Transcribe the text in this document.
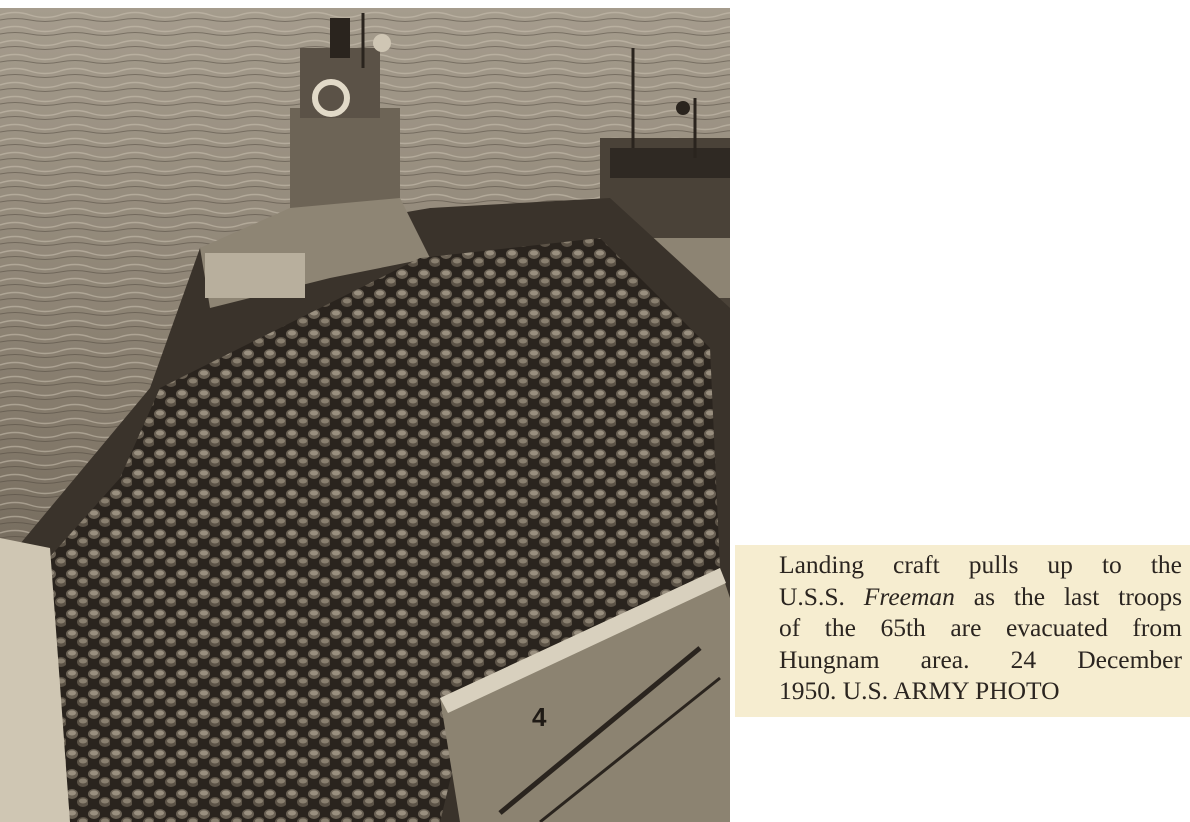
4
Landing craft pulls up to the
U.S.S. Freeman as the last troops
of the 65th are evacuated from
Hungnam area. 24 December
1950. U.S. ARMY PHOTO
